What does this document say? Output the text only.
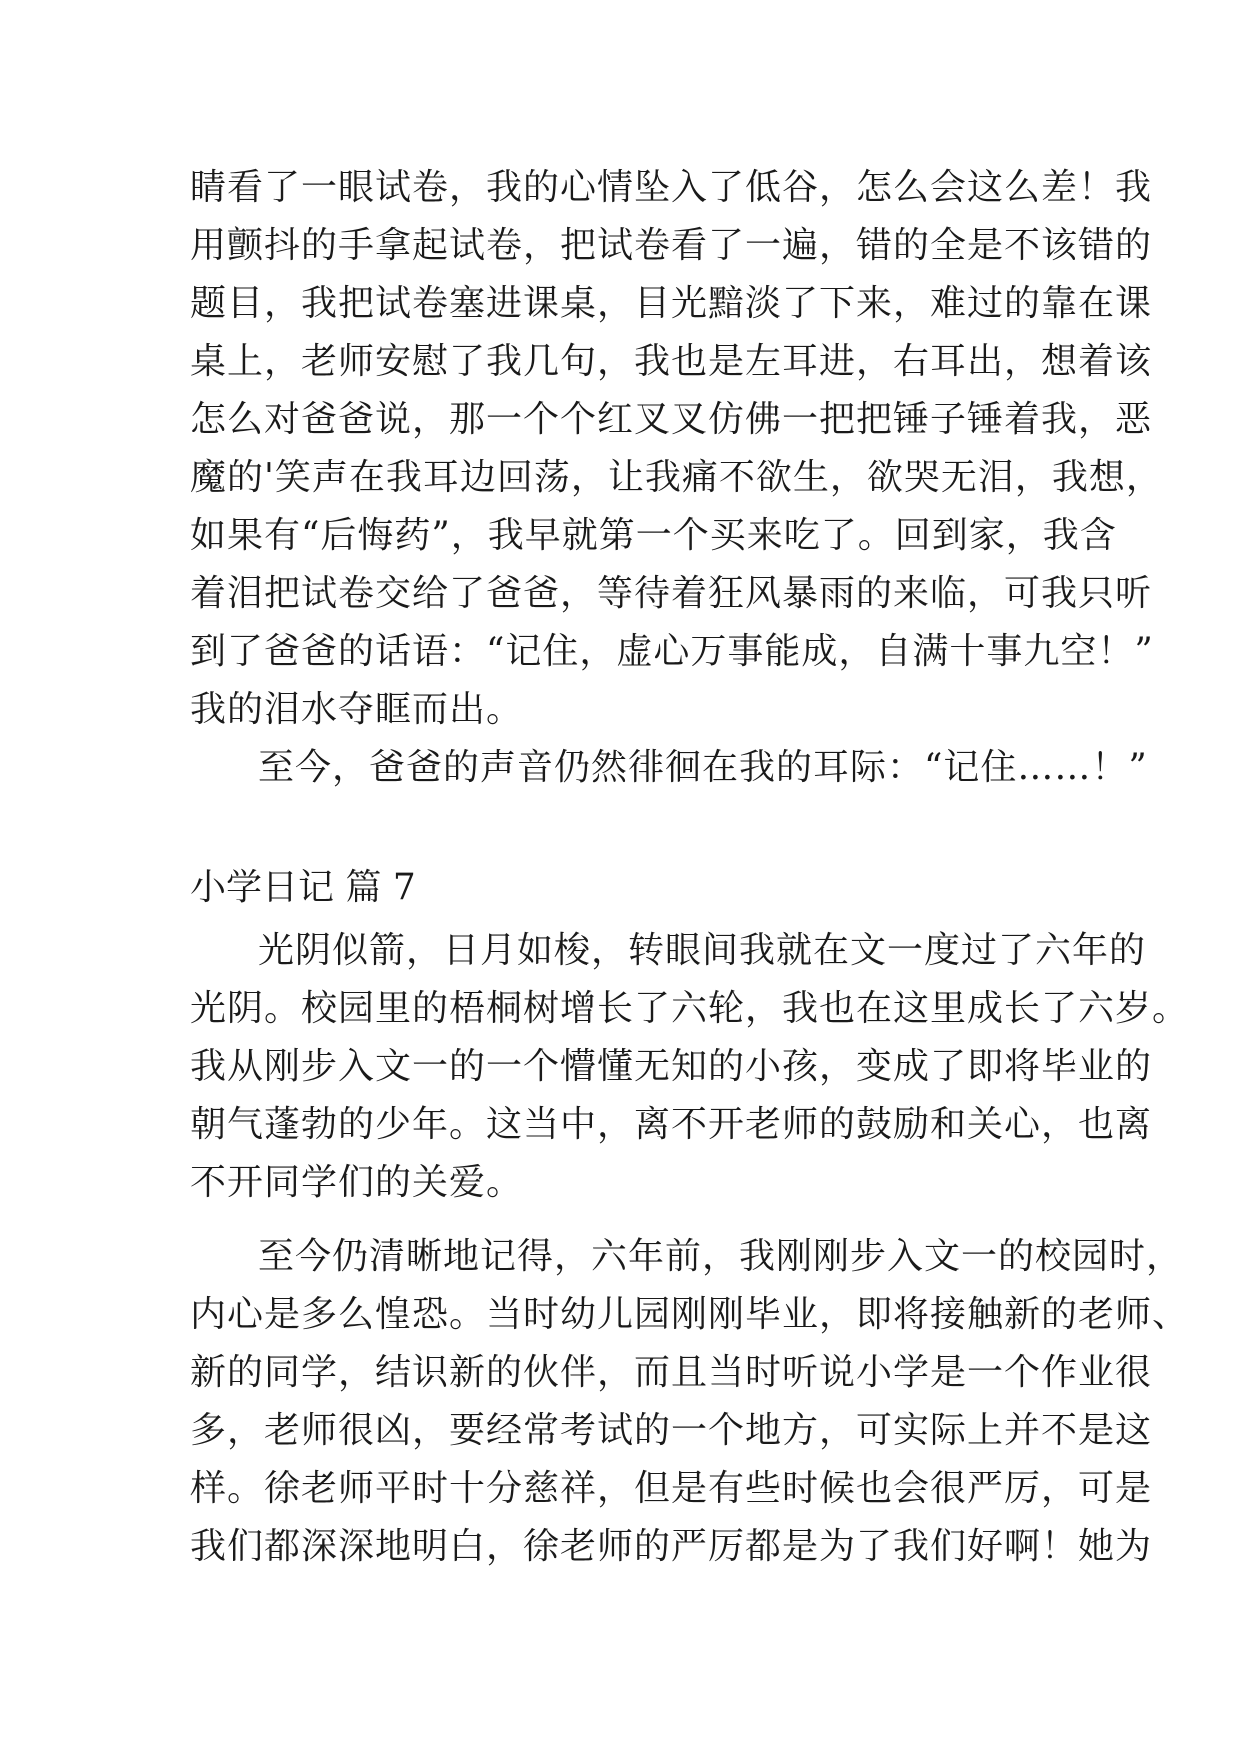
睛看了一眼试卷，我的心情坠入了低谷，怎么会这么差！我
用颤抖的手拿起试卷，把试卷看了一遍，错的全是不该错的
题目，我把试卷塞进课桌，目光黯淡了下来，难过的靠在课
桌上，老师安慰了我几句，我也是左耳进，右耳出，想着该
怎么对爸爸说，那一个个红叉叉仿佛一把把锤子锤着我，恶
魔的'笑声在我耳边回荡，让我痛不欲生，欲哭无泪，我想，
如果有“后悔药”，我早就第一个买来吃了。回到家，我含
着泪把试卷交给了爸爸，等待着狂风暴雨的来临，可我只听
到了爸爸的话语：“记住，虚心万事能成，自满十事九空！”
我的泪水夺眶而出。
至今，爸爸的声音仍然徘徊在我的耳际：“记住……！”
小学日记 篇 7
光阴似箭，日月如梭，转眼间我就在文一度过了六年的
光阴。校园里的梧桐树增长了六轮，我也在这里成长了六岁。
我从刚步入文一的一个懵懂无知的小孩，变成了即将毕业的
朝气蓬勃的少年。这当中，离不开老师的鼓励和关心，也离
不开同学们的关爱。
至今仍清晰地记得，六年前，我刚刚步入文一的校园时，
内心是多么惶恐。当时幼儿园刚刚毕业，即将接触新的老师、
新的同学，结识新的伙伴，而且当时听说小学是一个作业很
多，老师很凶，要经常考试的一个地方，可实际上并不是这
样。徐老师平时十分慈祥，但是有些时候也会很严厉，可是
我们都深深地明白，徐老师的严厉都是为了我们好啊！她为
